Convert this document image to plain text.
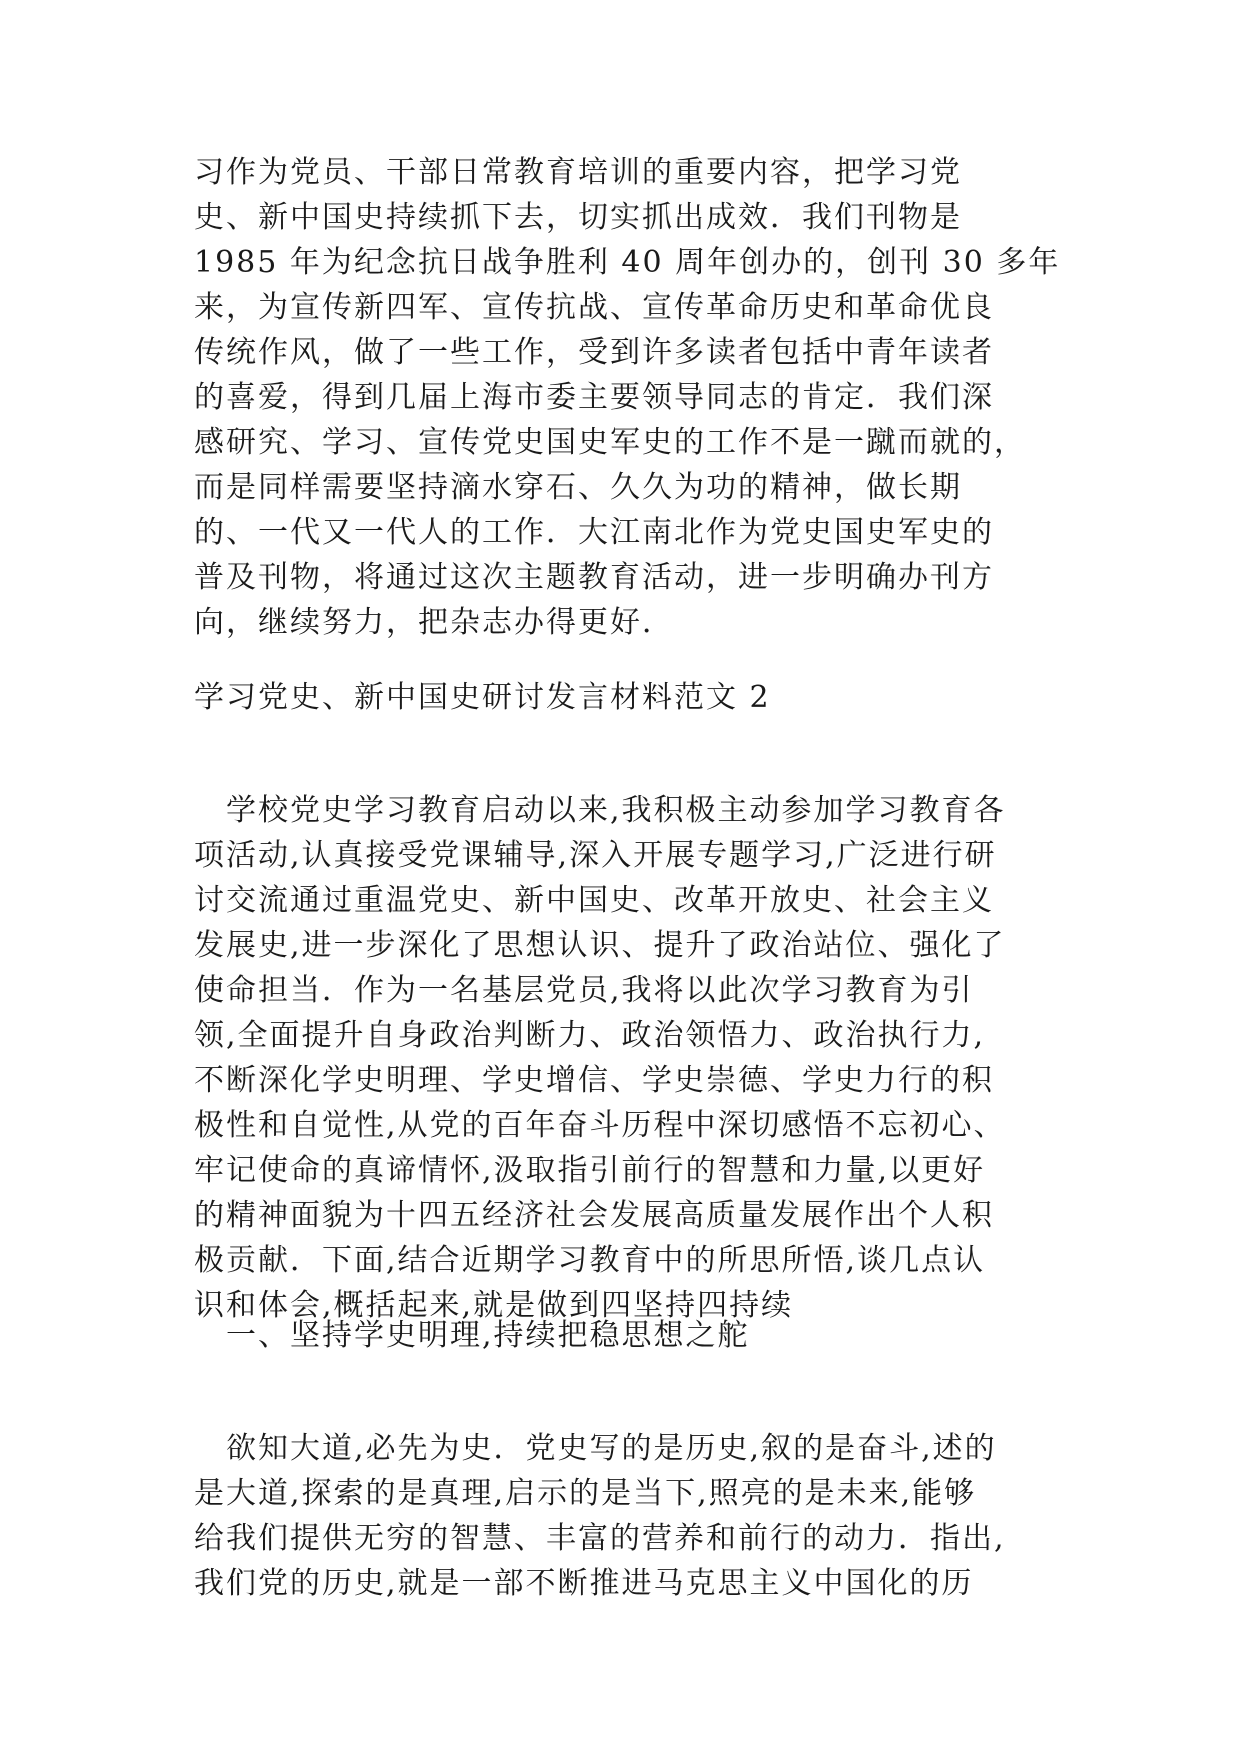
习作为党员、干部日常教育培训的重要内容，把学习党
史、新中国史持续抓下去，切实抓出成效．我们刊物是
1985 年为纪念抗日战争胜利 40 周年创办的，创刊 30 多年
来，为宣传新四军、宣传抗战、宣传革命历史和革命优良
传统作风，做了一些工作，受到许多读者包括中青年读者
的喜爱，得到几届上海市委主要领导同志的肯定．我们深
感研究、学习、宣传党史国史军史的工作不是一蹴而就的，
而是同样需要坚持滴水穿石、久久为功的精神，做长期
的、一代又一代人的工作．大江南北作为党史国史军史的
普及刊物，将通过这次主题教育活动，进一步明确办刊方
向，继续努力，把杂志办得更好．
学习党史、新中国史研讨发言材料范文 2
　学校党史学习教育启动以来,我积极主动参加学习教育各
项活动,认真接受党课辅导,深入开展专题学习,广泛进行研
讨交流通过重温党史、新中国史、改革开放史、社会主义
发展史,进一步深化了思想认识、提升了政治站位、强化了
使命担当．作为一名基层党员,我将以此次学习教育为引
领,全面提升自身政治判断力、政治领悟力、政治执行力,
不断深化学史明理、学史增信、学史崇德、学史力行的积
极性和自觉性,从党的百年奋斗历程中深切感悟不忘初心、
牢记使命的真谛情怀,汲取指引前行的智慧和力量,以更好
的精神面貌为十四五经济社会发展高质量发展作出个人积
极贡献．下面,结合近期学习教育中的所思所悟,谈几点认
识和体会,概括起来,就是做到四坚持四持续
　一、坚持学史明理,持续把稳思想之舵
　欲知大道,必先为史．党史写的是历史,叙的是奋斗,述的
是大道,探索的是真理,启示的是当下,照亮的是未来,能够
给我们提供无穷的智慧、丰富的营养和前行的动力．指出,
我们党的历史,就是一部不断推进马克思主义中国化的历
